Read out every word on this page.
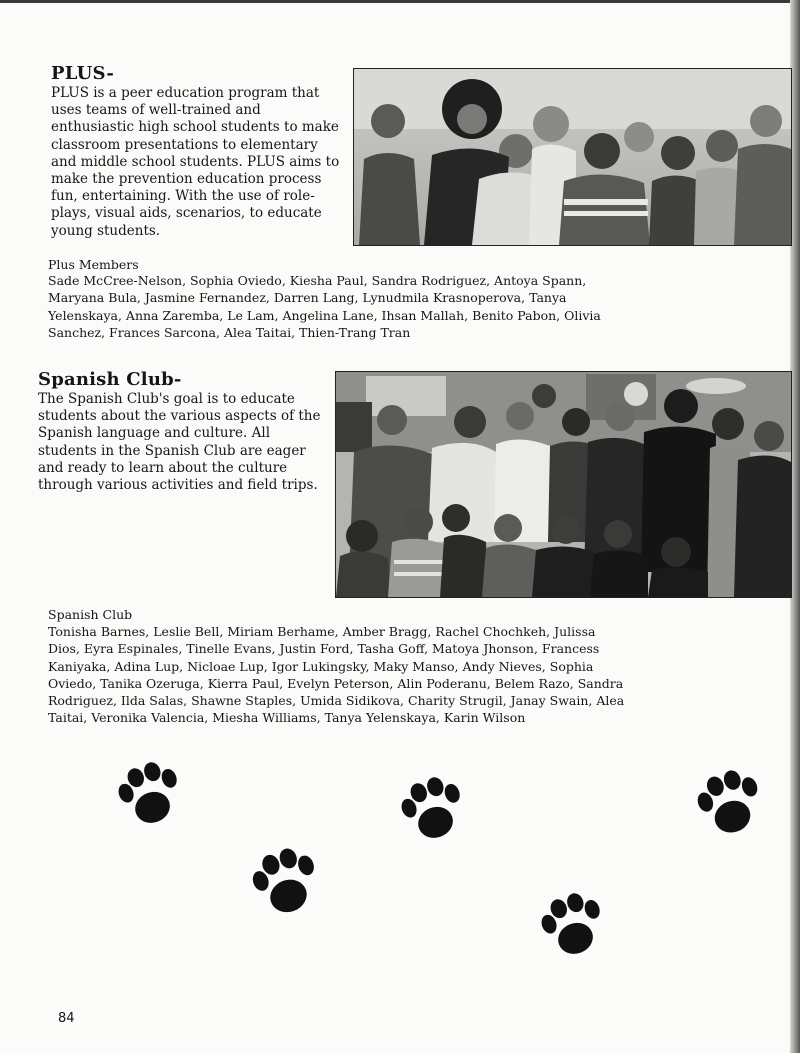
PLUS-

PLUS is a peer education program that uses teams of well-trained and enthusiastic high school students to make classroom presentations to elementary and middle school students. PLUS aims to make the prevention education process fun, entertaining. With the use of role-plays, visual aids, scenarios, to educate young students.

Plus Members

Sade McCree-Nelson, Sophia Oviedo, Kiesha Paul, Sandra Rodriguez, Antoya Spann, Maryana Bula, Jasmine Fernandez, Darren Lang, Lynudmila Krasnoperova, Tanya Yelenskaya, Anna Zaremba, Le Lam, Angelina Lane, Ihsan Mallah, Benito Pabon, Olivia Sanchez, Frances Sarcona, Alea Taitai, Thien-Trang Tran

Spanish Club-

The Spanish Club's goal is to educate students about the various aspects of the Spanish language and culture. All students in the Spanish Club are eager and ready to learn about the culture through various activities and field trips.

Spanish Club

Tonisha Barnes, Leslie Bell, Miriam Berhame, Amber Bragg, Rachel Chochkeh, Julissa Dios, Eyra Espinales, Tinelle Evans, Justin Ford, Tasha Goff, Matoya Jhonson, Francess Kaniyaka, Adina Lup, Nicloae Lup, Igor Lukingsky, Maky Manso, Andy Nieves, Sophia Oviedo, Tanika Ozeruga, Kierra Paul, Evelyn Peterson, Alin Poderanu, Belem Razo, Sandra Rodriguez, Ilda Salas, Shawne Staples, Umida Sidikova, Charity Strugil, Janay Swain, Alea Taitai, Veronika Valencia, Miesha Williams, Tanya Yelenskaya, Karin Wilson

84
